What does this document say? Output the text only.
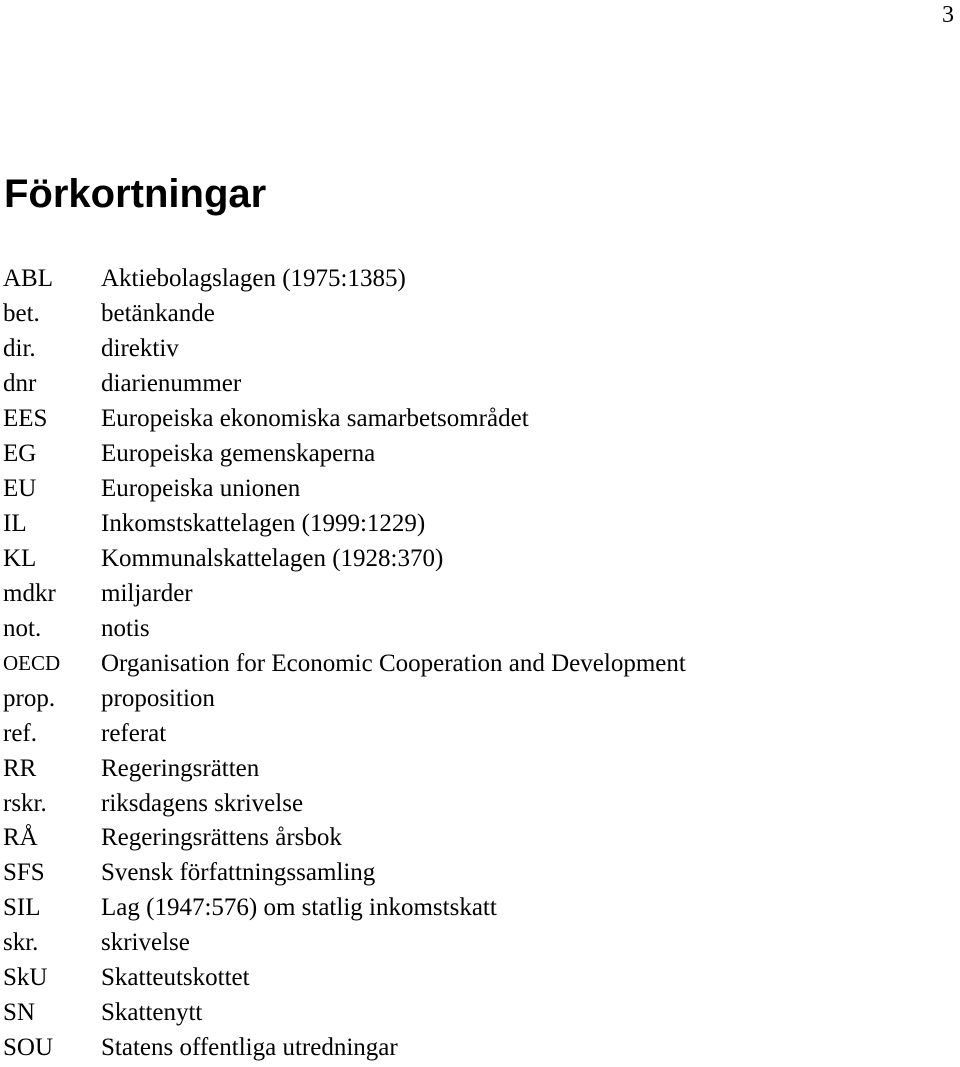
3
Förkortningar
ABL	Aktiebolagslagen (1975:1385)
bet.	betänkande
dir.	direktiv
dnr	diarienummer
EES	Europeiska ekonomiska samarbetsområdet
EG	Europeiska gemenskaperna
EU	Europeiska unionen
IL	Inkomstskattelagen (1999:1229)
KL	Kommunalskattelagen (1928:370)
mdkr	miljarder
not.	notis
OECD	Organisation for Economic Cooperation and Development
prop.	proposition
ref.	referat
RR	Regeringsrätten
rskr.	riksdagens skrivelse
RÅ	Regeringsrättens årsbok
SFS	Svensk författningssamling
SIL	Lag (1947:576) om statlig inkomstskatt
skr.	skrivelse
SkU	Skatteutskottet
SN	Skattenytt
SOU	Statens offentliga utredningar
